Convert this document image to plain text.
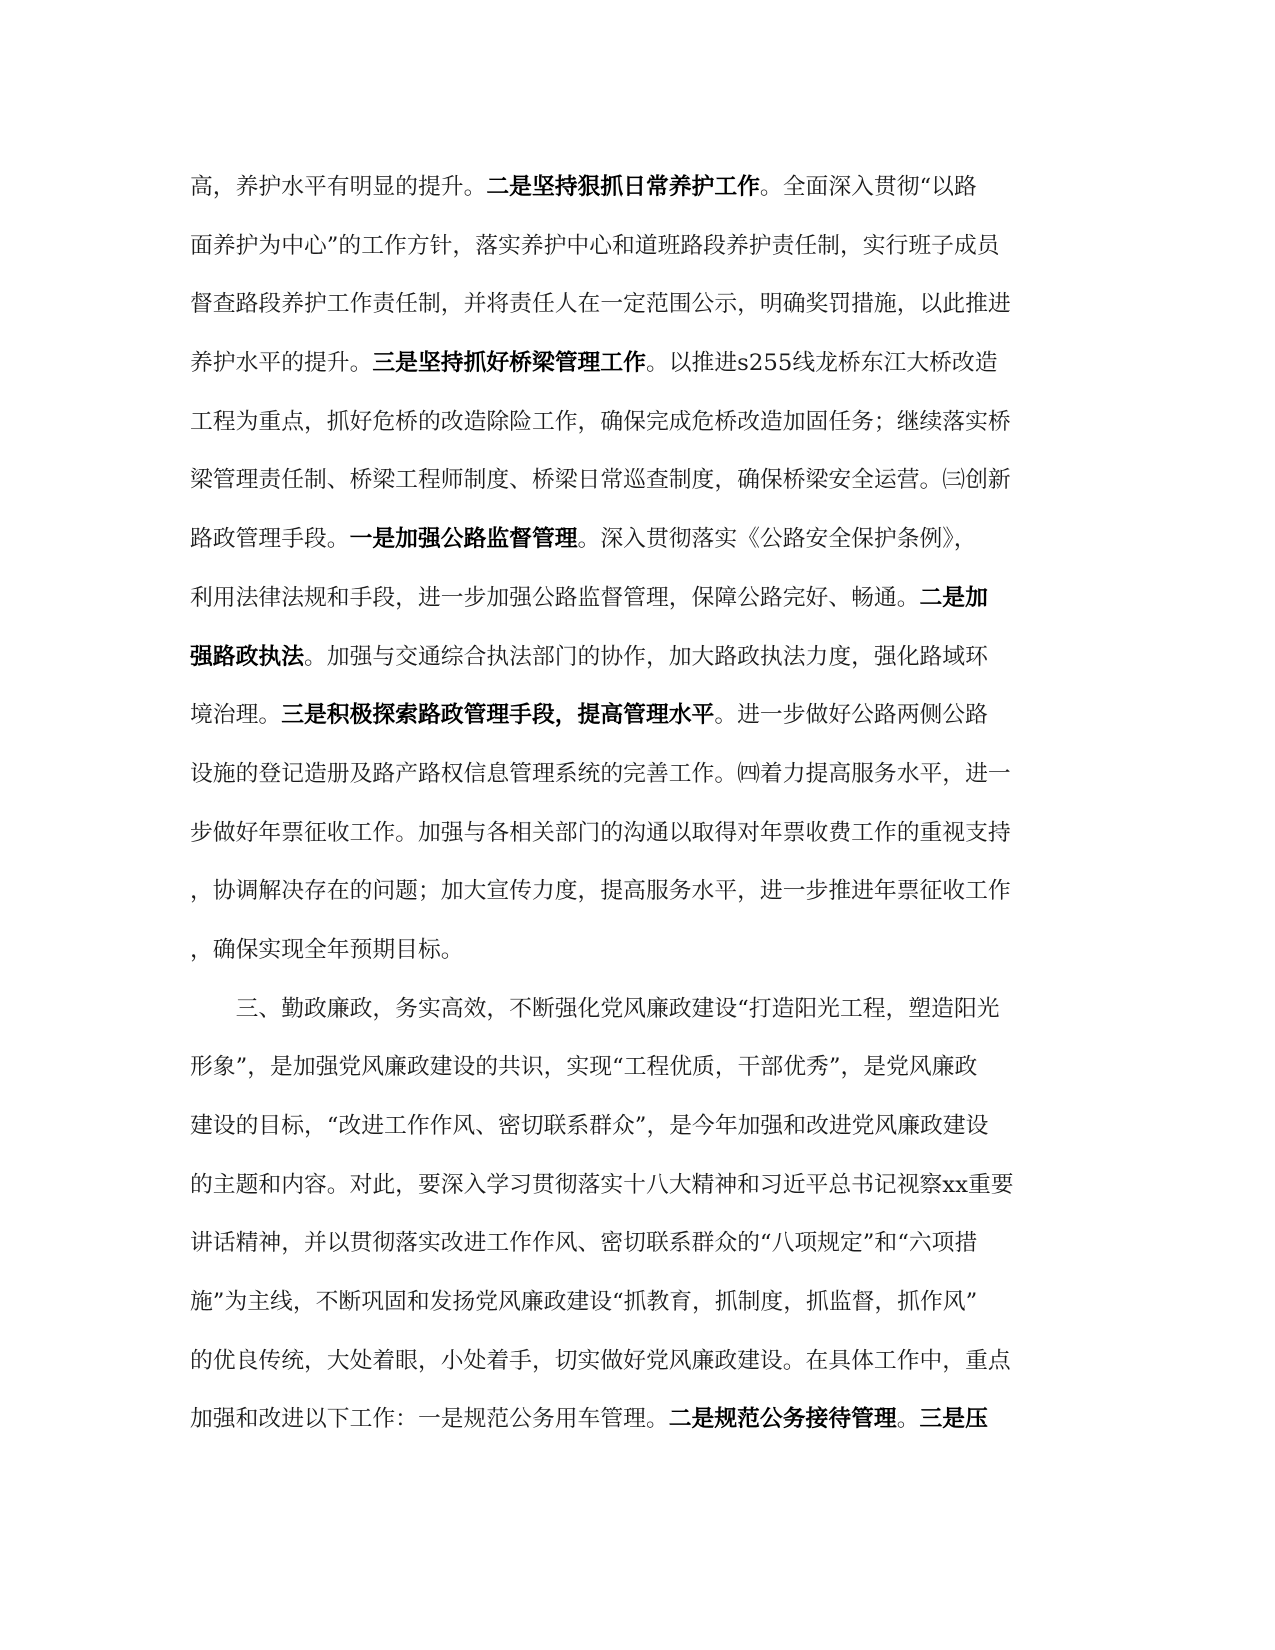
高，养护水平有明显的提升。二是坚持狠抓日常养护工作。全面深入贯彻“以路
面养护为中心”的工作方针，落实养护中心和道班路段养护责任制，实行班子成员
督查路段养护工作责任制，并将责任人在一定范围公示，明确奖罚措施，以此推进
养护水平的提升。三是坚持抓好桥梁管理工作。以推进s255线龙桥东江大桥改造
工程为重点，抓好危桥的改造除险工作，确保完成危桥改造加固任务；继续落实桥
梁管理责任制、桥梁工程师制度、桥梁日常巡查制度，确保桥梁安全运营。㈢创新
路政管理手段。一是加强公路监督管理。深入贯彻落实《公路安全保护条例》，
利用法律法规和手段，进一步加强公路监督管理，保障公路完好、畅通。二是加
强路政执法。加强与交通综合执法部门的协作，加大路政执法力度，强化路域环
境治理。三是积极探索路政管理手段，提高管理水平。进一步做好公路两侧公路
设施的登记造册及路产路权信息管理系统的完善工作。㈣着力提高服务水平，进一
步做好年票征收工作。加强与各相关部门的沟通以取得对年票收费工作的重视支持
，协调解决存在的问题；加大宣传力度，提高服务水平，进一步推进年票征收工作
，确保实现全年预期目标。
　　三、勤政廉政，务实高效，不断强化党风廉政建设“打造阳光工程，塑造阳光
形象”，是加强党风廉政建设的共识，实现“工程优质，干部优秀”，是党风廉政
建设的目标，“改进工作作风、密切联系群众”，是今年加强和改进党风廉政建设
的主题和内容。对此，要深入学习贯彻落实十八大精神和习近平总书记视察xx重要
讲话精神，并以贯彻落实改进工作作风、密切联系群众的“八项规定”和“六项措
施”为主线，不断巩固和发扬党风廉政建设“抓教育，抓制度，抓监督，抓作风”
的优良传统，大处着眼，小处着手，切实做好党风廉政建设。在具体工作中，重点
加强和改进以下工作：一是规范公务用车管理。二是规范公务接待管理。三是压
